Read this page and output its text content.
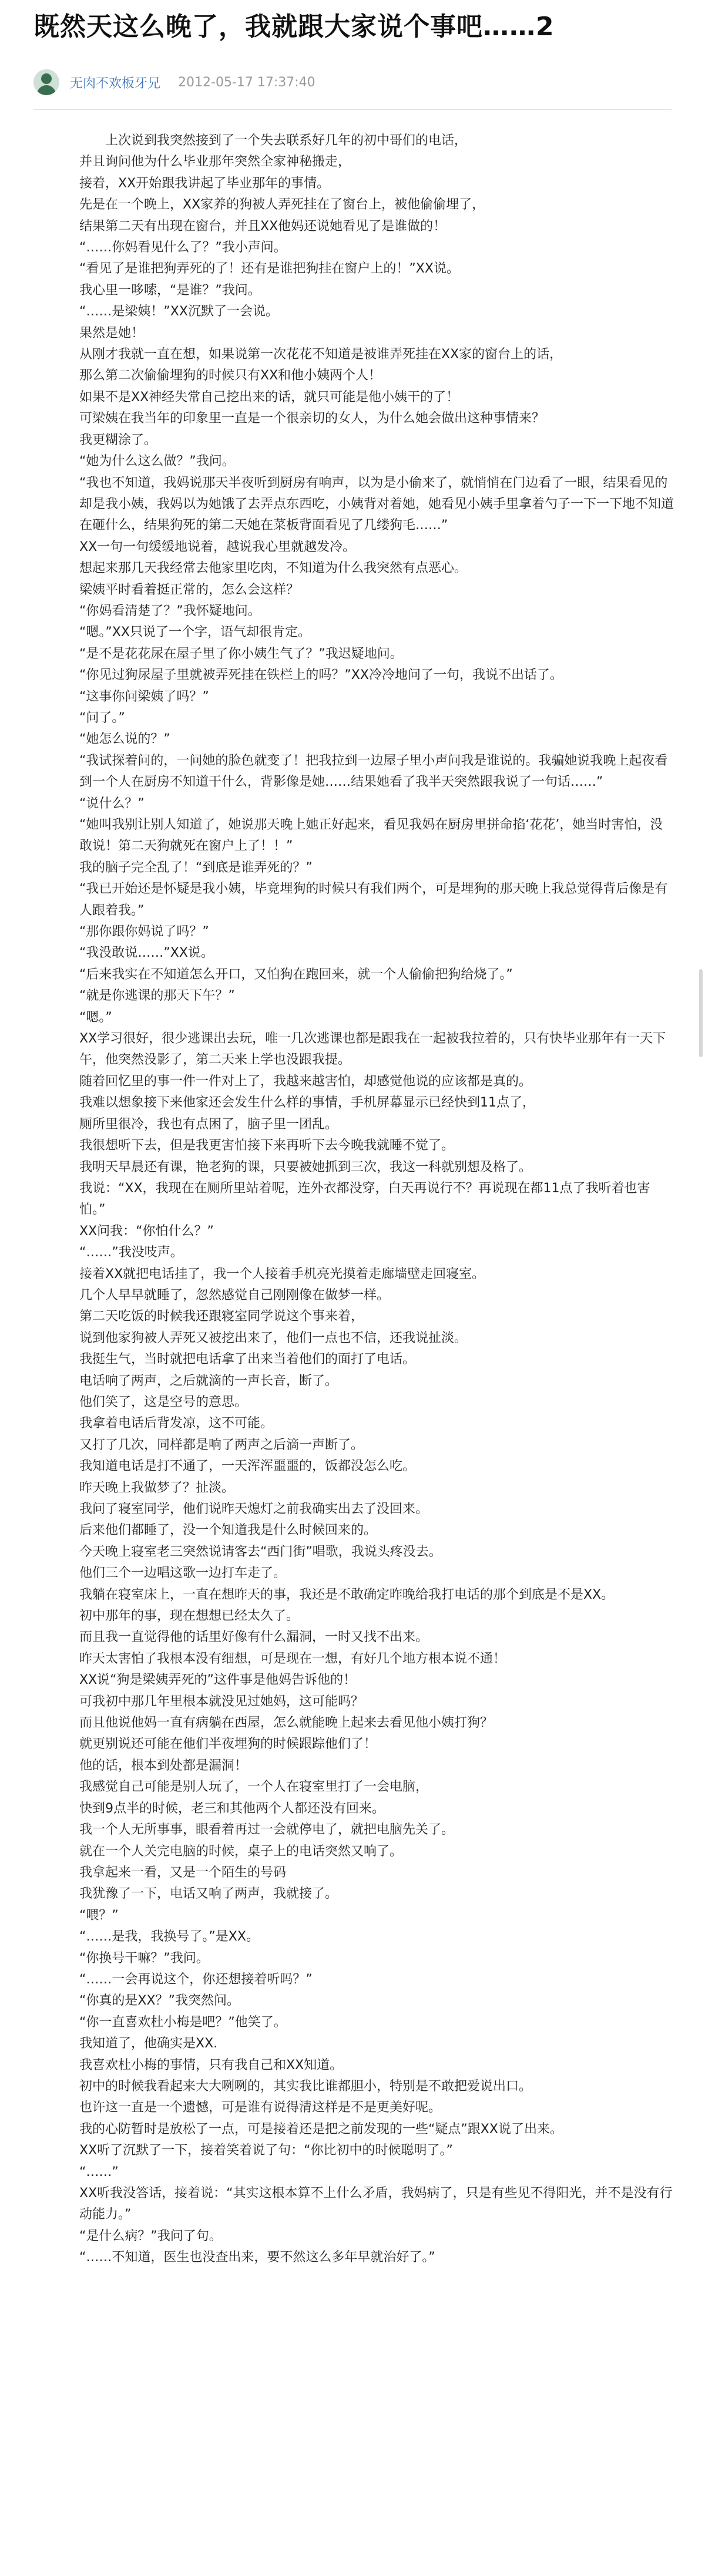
既然天这么晚了，我就跟大家说个事吧……2
无肉不欢板牙兄 2012-05-17 17:37:40

　　上次说到我突然接到了一个失去联系好几年的初中哥们的电话，

并且询问他为什么毕业那年突然全家神秘搬走，

接着，XX开始跟我讲起了毕业那年的事情。

先是在一个晚上，XX家养的狗被人弄死挂在了窗台上，被他偷偷埋了，

结果第二天有出现在窗台，并且XX他妈还说她看见了是谁做的！

“……你妈看见什么了？”我小声问。

“看见了是谁把狗弄死的了！还有是谁把狗挂在窗户上的！”XX说。

我心里一哆嗦，“是谁？”我问。

“……是梁姨！”XX沉默了一会说。

果然是她！

从刚才我就一直在想，如果说第一次花花不知道是被谁弄死挂在XX家的窗台上的话，

那么第二次偷偷埋狗的时候只有XX和他小姨两个人！

如果不是XX神经失常自己挖出来的话，就只可能是他小姨干的了！

可梁姨在我当年的印象里一直是一个很亲切的女人，为什么她会做出这种事情来？

我更糊涂了。

“她为什么这么做？”我问。

“我也不知道，我妈说那天半夜听到厨房有响声，以为是小偷来了，就悄悄在门边看了一眼，结果看见的却是我小姨，我妈以为她饿了去弄点东西吃，小姨背对着她，她看见小姨手里拿着勺子一下一下地不知道在砸什么，结果狗死的第二天她在菜板背面看见了几缕狗毛……”

XX一句一句缓缓地说着，越说我心里就越发冷。

想起来那几天我经常去他家里吃肉，不知道为什么我突然有点恶心。

梁姨平时看着挺正常的，怎么会这样？

“你妈看清楚了？”我怀疑地问。

“嗯。”XX只说了一个字，语气却很肯定。

“是不是花花尿在屋子里了你小姨生气了？”我迟疑地问。

“你见过狗尿屋子里就被弄死挂在铁栏上的吗？”XX冷冷地问了一句，我说不出话了。

“这事你问梁姨了吗？”

“问了。”

“她怎么说的？”

“我试探着问的，一问她的脸色就变了！把我拉到一边屋子里小声问我是谁说的。我骗她说我晚上起夜看到一个人在厨房不知道干什么，背影像是她……结果她看了我半天突然跟我说了一句话……”

“说什么？”

“她叫我别让别人知道了，她说那天晚上她正好起来，看见我妈在厨房里拼命掐‘花花’，她当时害怕，没敢说！第二天狗就死在窗户上了！！”

我的脑子完全乱了！“到底是谁弄死的？”

“我已开始还是怀疑是我小姨，毕竟埋狗的时候只有我们两个，可是埋狗的那天晚上我总觉得背后像是有人跟着我。”

“那你跟你妈说了吗？”

“我没敢说……”XX说。

“后来我实在不知道怎么开口，又怕狗在跑回来，就一个人偷偷把狗给烧了。”

“就是你逃课的那天下午？”

“嗯。”

XX学习很好，很少逃课出去玩，唯一几次逃课也都是跟我在一起被我拉着的，只有快毕业那年有一天下午，他突然没影了，第二天来上学也没跟我提。

随着回忆里的事一件一件对上了，我越来越害怕，却感觉他说的应该都是真的。

我难以想象接下来他家还会发生什么样的事情，手机屏幕显示已经快到11点了，

厕所里很冷，我也有点困了，脑子里一团乱。

我很想听下去，但是我更害怕接下来再听下去今晚我就睡不觉了。

我明天早晨还有课，艳老狗的课，只要被她抓到三次，我这一科就别想及格了。

我说：“XX，我现在在厕所里站着呢，连外衣都没穿，白天再说行不？再说现在都11点了我听着也害怕。”

XX问我：“你怕什么？”

“……”我没吱声。

接着XX就把电话挂了，我一个人接着手机亮光摸着走廊墙壁走回寝室。

几个人早早就睡了，忽然感觉自己刚刚像在做梦一样。

第二天吃饭的时候我还跟寝室同学说这个事来着，

说到他家狗被人弄死又被挖出来了，他们一点也不信，还我说扯淡。

我挺生气，当时就把电话拿了出来当着他们的面打了电话。

电话响了两声，之后就滴的一声长音，断了。

他们笑了，这是空号的意思。

我拿着电话后背发凉，这不可能。

又打了几次，同样都是响了两声之后滴一声断了。

我知道电话是打不通了，一天浑浑噩噩的，饭都没怎么吃。

昨天晚上我做梦了？扯淡。

我问了寝室同学，他们说昨天熄灯之前我确实出去了没回来。

后来他们都睡了，没一个知道我是什么时候回来的。

今天晚上寝室老三突然说请客去“西门街”唱歌，我说头疼没去。

他们三个一边唱这歌一边打车走了。

我躺在寝室床上，一直在想昨天的事，我还是不敢确定昨晚给我打电话的那个到底是不是XX。

初中那年的事，现在想想已经太久了。

而且我一直觉得他的话里好像有什么漏洞，一时又找不出来。

昨天太害怕了我根本没有细想，可是现在一想，有好几个地方根本说不通！

XX说“狗是梁姨弄死的”这件事是他妈告诉他的！

可我初中那几年里根本就没见过她妈，这可能吗？

而且他说他妈一直有病躺在西屋，怎么就能晚上起来去看见他小姨打狗？

就更别说还可能在他们半夜埋狗的时候跟踪他们了！

他的话，根本到处都是漏洞！

我感觉自己可能是别人玩了，一个人在寝室里打了一会电脑，

快到9点半的时候，老三和其他两个人都还没有回来。

我一个人无所事事，眼看着再过一会就停电了，就把电脑先关了。

就在一个人关完电脑的时候，桌子上的电话突然又响了。

我拿起来一看，又是一个陌生的号码

我犹豫了一下，电话又响了两声，我就接了。

“喂？”

“……是我，我换号了。”是XX。

“你换号干嘛？”我问。

“……一会再说这个，你还想接着听吗？”

“你真的是XX？”我突然问。

“你一直喜欢杜小梅是吧？”他笑了。

我知道了，他确实是XX.

我喜欢杜小梅的事情，只有我自己和XX知道。

初中的时候我看起来大大咧咧的，其实我比谁都胆小，特别是不敢把爱说出口。

也许这一直是一个遗憾，可是谁有说得清这样是不是更美好呢。

我的心防暂时是放松了一点，可是接着还是把之前发现的一些“疑点”跟XX说了出来。

XX听了沉默了一下，接着笑着说了句：“你比初中的时候聪明了。”

“……”

XX听我没答话，接着说：“其实这根本算不上什么矛盾，我妈病了，只是有些见不得阳光，并不是没有行动能力。”

“是什么病？”我问了句。

“……不知道，医生也没查出来，要不然这么多年早就治好了。”
